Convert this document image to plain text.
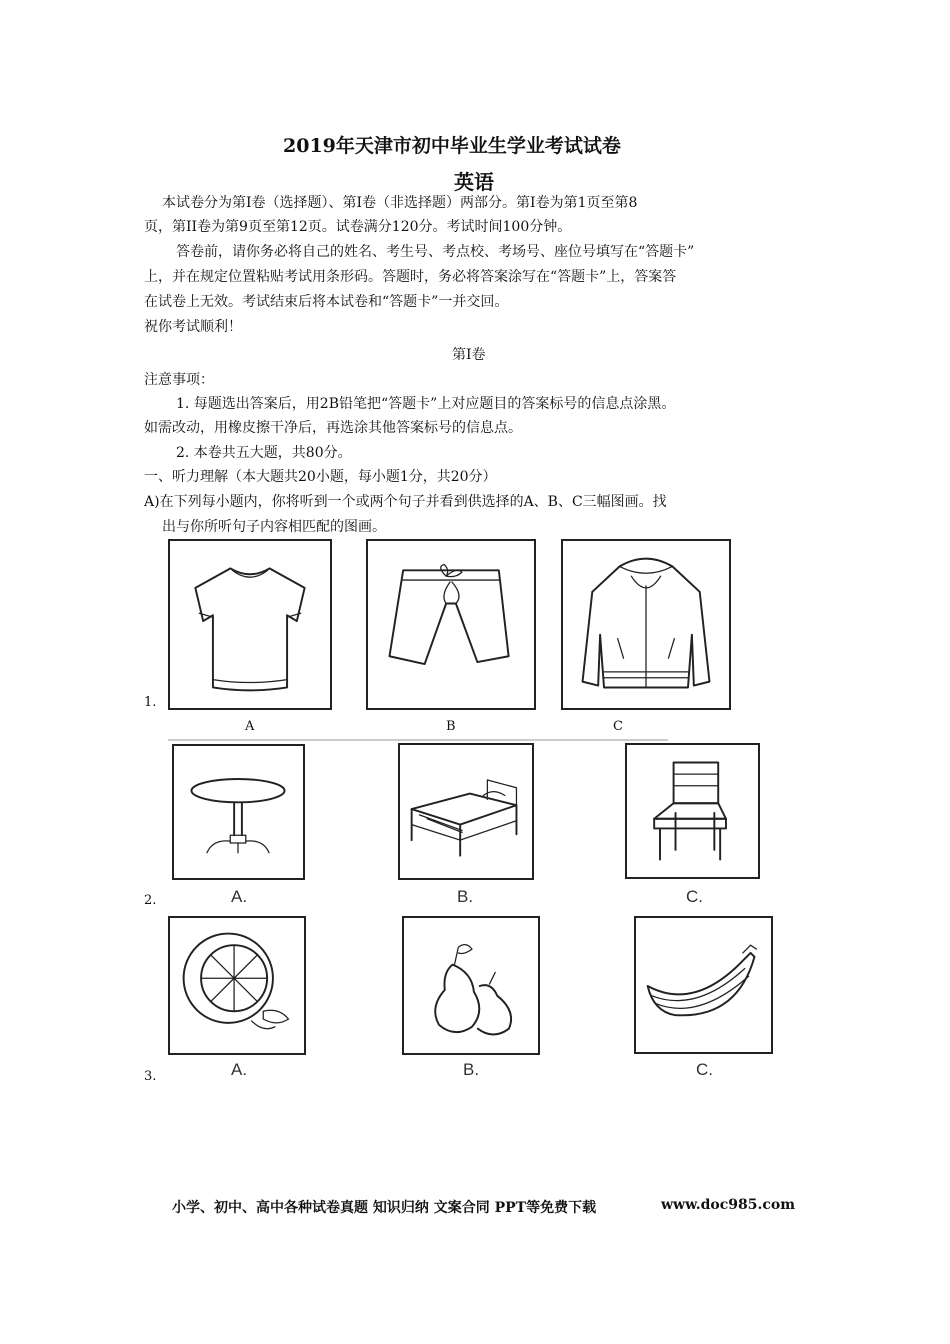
2019年天津市初中毕业生学业考试试卷
英语
本试卷分为第Ⅰ卷（选择题）、第Ⅰ卷（非选择题）两部分。第Ⅰ卷为第1页至第8
页，第II卷为第9页至第12页。试卷满分120分。考试时间100分钟。
答卷前，请你务必将自己的姓名、考生号、考点校、考场号、座位号填写在“答题卡”
上，并在规定位置粘贴考试用条形码。答题时，务必将答案涂写在“答题卡”上，答案答
在试卷上无效。考试结束后将本试卷和“答题卡”一并交回。
祝你考试顺利！
第Ⅰ卷
注意事项：
1. 每题选出答案后，用2B铅笔把“答题卡”上对应题目的答案标号的信息点涂黑。
如需改动，用橡皮擦干净后，再选涂其他答案标号的信息点。
2. 本卷共五大题，共80分。
一、听力理解（本大题共20小题，每小题1分，共20分）
A)在下列每小题内，你将听到一个或两个句子并看到供选择的A、B、C三幅图画。找
出与你所听句子内容相匹配的图画。
1.
A	B	C
2.	A.	B.	C.
3.	A.	B.	C.
小学、初中、高中各种试卷真题 知识归纳 文案合同 PPT等免费下载	www.doc985.com
